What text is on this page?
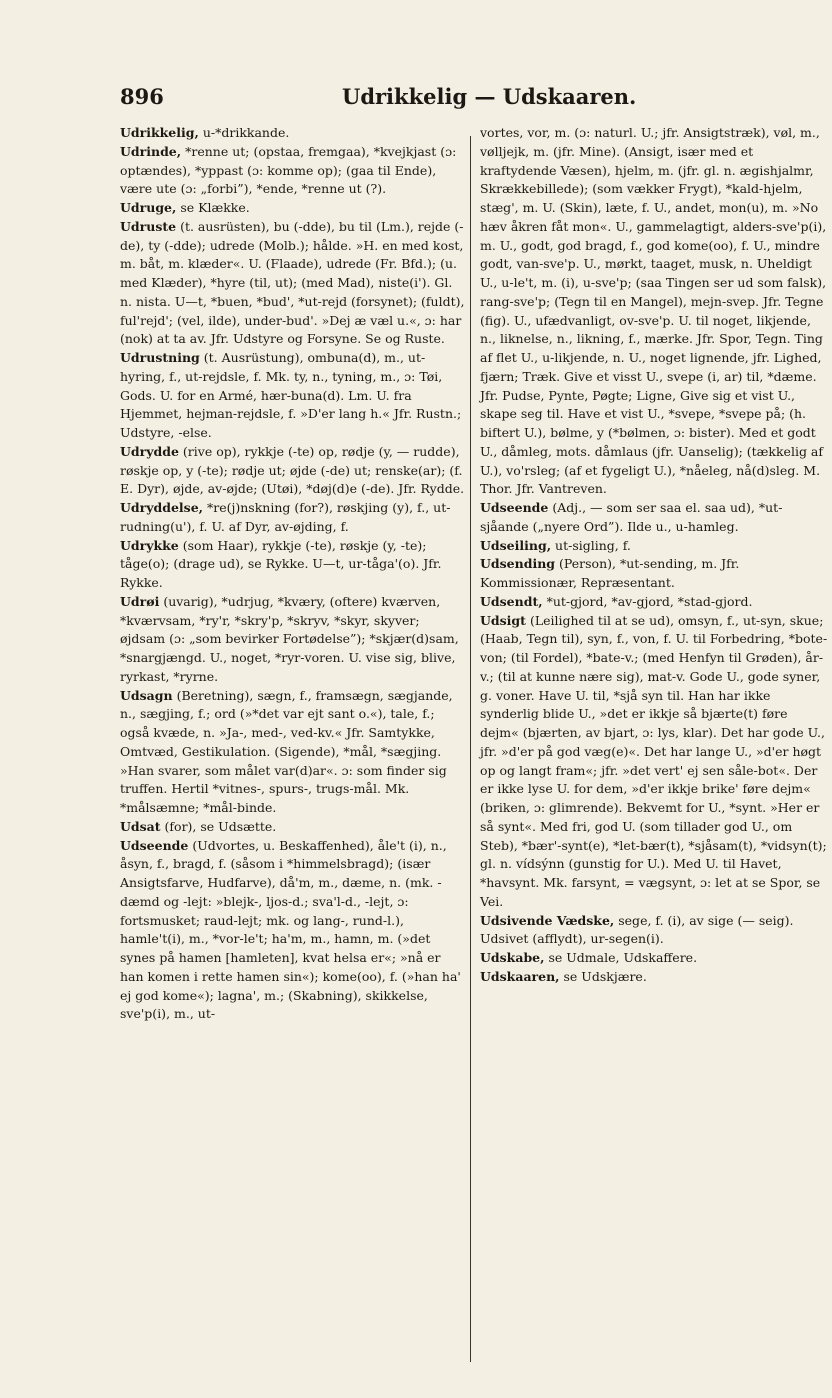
896	Udrikkelig — Udskaaren.

Udrikkelig, u-*drikkande.

Udrinde, *renne ut; (opstaa, fremgaa), *kvejkjast (ɔ: optændes), *yppast (ɔ: komme op); (gaa til Ende), være ute (ɔ: „forbi”), *ende, *renne ut (?).

Udruge, se Klække.

Udruste (t. ausrüsten), bu (-dde), bu til (Lm.), rejde (-de), ty (-dde); udrede (Molb.); hålde. »H. en med kost, m. båt, m. klæder«. U. (Flaade), udrede (Fr. Bfd.); (u. med Klæder), *hyre (til, ut); (med Mad), niste(i'). Gl. n. nista. U—t, *buen, *bud', *ut-rejd (forsynet); (fuldt), ful'rejd'; (vel, ilde), under-bud'. »Dej æ væl u.«, ɔ: har (nok) at ta av. Jfr. Udstyre og Forsyne. Se og Ruste.

Udrustning (t. Ausrüstung), ombuna(d), m., ut-hyring, f., ut-rejdsle, f. Mk. ty, n., tyning, m., ɔ: Tøi, Gods. U. for en Armé, hær-buna(d). Lm. U. fra Hjemmet, hejman-rejdsle, f. »D'er lang h.« Jfr. Rustn.; Udstyre, -else.

Udrydde (rive op), rykkje (-te) op, rødje (y, — rudde), røskje op, y (-te); rødje ut; øjde (-de) ut; renske(ar); (f. E. Dyr), øjde, av-øjde; (Utøi), *døj(d)e (-de). Jfr. Rydde.

Udryddelse, *re(j)nskning (for?), røskjing (y), f., ut-rudning(u'), f. U. af Dyr, av-øjding, f.

Udrykke (som Haar), rykkje (-te), røskje (y, -te); tåge(o); (drage ud), se Rykke. U—t, ur-tåga'(o). Jfr. Rykke.

Udrøi (uvarig), *udrjug, *kværy, (oftere) kværven, *kværvsam, *ry'r, *skry'p, *skryv, *skyr, skyver; øjdsam (ɔ: „som bevirker Fortødelse”); *skjær(d)sam, *snargjængd. U., noget, *ryr-voren. U. vise sig, blive, ryrkast, *ryrne.

Udsagn (Beretning), sægn, f., framsægn, sægjande, n., sægjing, f.; ord (»*det var ejt sant o.«), tale, f.; også kvæde, n. »Ja-, med-, ved-kv.« Jfr. Samtykke, Omtvæd, Gestikulation. (Sigende), *mål, *sægjing. »Han svarer, som målet var(d)ar«. ɔ: som finder sig truffen. Hertil *vitnes-, spurs-, trugs-mål. Mk. *målsæmne; *mål-binde.

Udsat (for), se Udsætte.

Udseende (Udvortes, u. Beskaffenhed), åle't (i), n., åsyn, f., bragd, f. (såsom i *himmelsbragd); (især Ansigtsfarve, Hudfarve), då'm, m., dæme, n. (mk. -dæmd og -lejt: »blejk-, ljos-d.; sva'l-d., -lejt, ɔ: fortsmusket; raud-lejt; mk. og lang-, rund-l.), hamle't(i), m., *vor-le't; ha'm, m., hamn, m. (»det synes på hamen [hamleten], kvat helsa er«; »nå er han komen i rette hamen sin«); kome(oo), f. (»han ha' ej god kome«); lagna', m.; (Skabning), skikkelse, sve'p(i), m., ut-

vortes, vor, m. (ɔ: naturl. U.; jfr. Ansigtstræk), vøl, m., vølljejk, m. (jfr. Mine). (Ansigt, især med et kraftydende Væsen), hjelm, m. (jfr. gl. n. ægishjalmr, Skrækkebillede); (som vækker Frygt), *kald-hjelm, stæg', m. U. (Skin), læte, f. U., andet, mon(u), m. »No hæv åkren fåt mon«. U., gammelagtigt, alders-sve'p(i), m. U., godt, god bragd, f., god kome(oo), f. U., mindre godt, van-sve'p. U., mørkt, taaget, musk, n. Uheldigt U., u-le't, m. (i), u-sve'p; (saa Tingen ser ud som falsk), rang-sve'p; (Tegn til en Mangel), mejn-svep. Jfr. Tegne (fig). U., ufædvanligt, ov-sve'p. U. til noget, likjende, n., liknelse, n., likning, f., mærke. Jfr. Spor, Tegn. Ting af flet U., u-likjende, n. U., noget lignende, jfr. Lighed, fjærn; Træk. Give et visst U., svepe (i, ar) til, *dæme. Jfr. Pudse, Pynte, Pøgte; Ligne, Give sig et vist U., skape seg til. Have et vist U., *svepe, *svepe på; (h. biftert U.), bølme, y (*bølmen, ɔ: bister). Med et godt U., dåmleg, mots. dåmlaus (jfr. Uanselig); (tækkelig af U.), vo'rsleg; (af et fygeligt U.), *nåeleg, nå(d)sleg. M. Thor. Jfr. Vantreven.

Udseende (Adj., — som ser saa el. saa ud), *ut-sjåande („nyere Ord”). Ilde u., u-hamleg.

Udseiling, ut-sigling, f.

Udsending (Person), *ut-sending, m. Jfr. Kommissionær, Repræsentant.

Udsendt, *ut-gjord, *av-gjord, *stad-gjord.

Udsigt (Leilighed til at se ud), omsyn, f., ut-syn, skue; (Haab, Tegn til), syn, f., von, f. U. til Forbedring, *bote-von; (til Fordel), *bate-v.; (med Henfyn til Grøden), år-v.; (til at kunne nære sig), mat-v. Gode U., gode syner, g. voner. Have U. til, *sjå syn til. Han har ikke synderlig blide U., »det er ikkje så bjærte(t) føre dejm« (bjærten, av bjart, ɔ: lys, klar). Det har gode U., jfr. »d'er på god væg(e)«. Det har lange U., »d'er høgt op og langt fram«; jfr. »det vert' ej sen såle-bot«. Der er ikke lyse U. for dem, »d'er ikkje brike' føre dejm« (briken, ɔ: glimrende). Bekvemt for U., *synt. »Her er så synt«. Med fri, god U. (som tillader god U., om Steb), *bær'-synt(e), *let-bær(t), *sjåsam(t), *vidsyn(t); gl. n. vídsýnn (gunstig for U.). Med U. til Havet, *havsynt. Mk. farsynt, = vægsynt, ɔ: let at se Spor, se Vei.

Udsivende Vædske, sege, f. (i), av sige (— seig). Udsivet (afflydt), ur-segen(i).

Udskabe, se Udmale, Udskaffere.

Udskaaren, se Udskjære.
